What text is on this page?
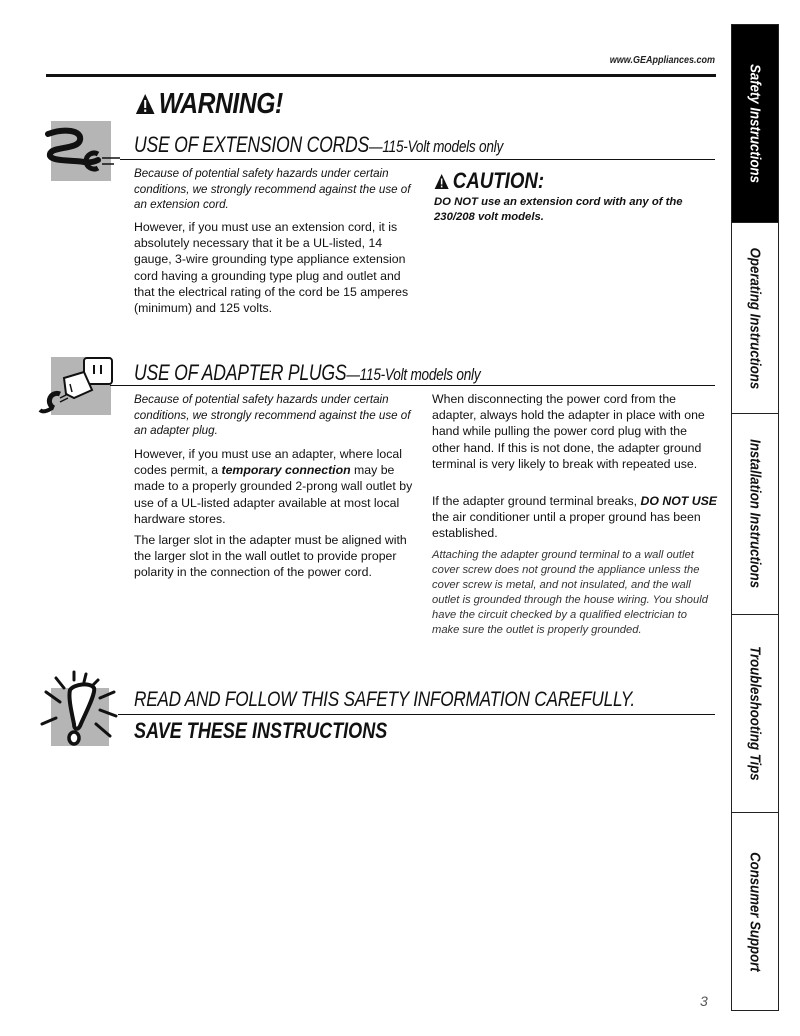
www.GEAppliances.com
WARNING!
USE OF EXTENSION CORDS—115-Volt models only
Because of potential safety hazards under certain conditions, we strongly recommend against the use of an extension cord.
However, if you must use an extension cord, it is absolutely necessary that it be a UL-listed, 14 gauge, 3-wire grounding type appliance extension cord having a grounding type plug and outlet and that the electrical rating of the cord be 15 amperes (minimum) and 125 volts.
CAUTION:
DO NOT use an extension cord with any of the 230/208 volt models.
USE OF ADAPTER PLUGS—115-Volt models only
Because of potential safety hazards under certain conditions, we strongly recommend against the use of an adapter plug.
However, if you must use an adapter, where local codes permit, a temporary connection may be made to a properly grounded 2-prong wall outlet by use of a UL-listed adapter available at most local hardware stores.
The larger slot in the adapter must be aligned with the larger slot in the wall outlet to provide proper polarity in the connection of the power cord.
When disconnecting the power cord from the adapter, always hold the adapter in place with one hand while pulling the power cord plug with the other hand. If this is not done, the adapter ground terminal is very likely to break with repeated use.
If the adapter ground terminal breaks, DO NOT USE the air conditioner until a proper ground has been established.
Attaching the adapter ground terminal to a wall outlet cover screw does not ground the appliance unless the cover screw is metal, and not insulated, and the wall outlet is grounded through the house wiring. You should have the circuit checked by a qualified electrician to make sure the outlet is properly grounded.
READ AND FOLLOW THIS SAFETY INFORMATION CAREFULLY.
SAVE THESE INSTRUCTIONS
Safety Instructions
Operating Instructions
Installation Instructions
Troubleshooting Tips
Consumer Support
3
